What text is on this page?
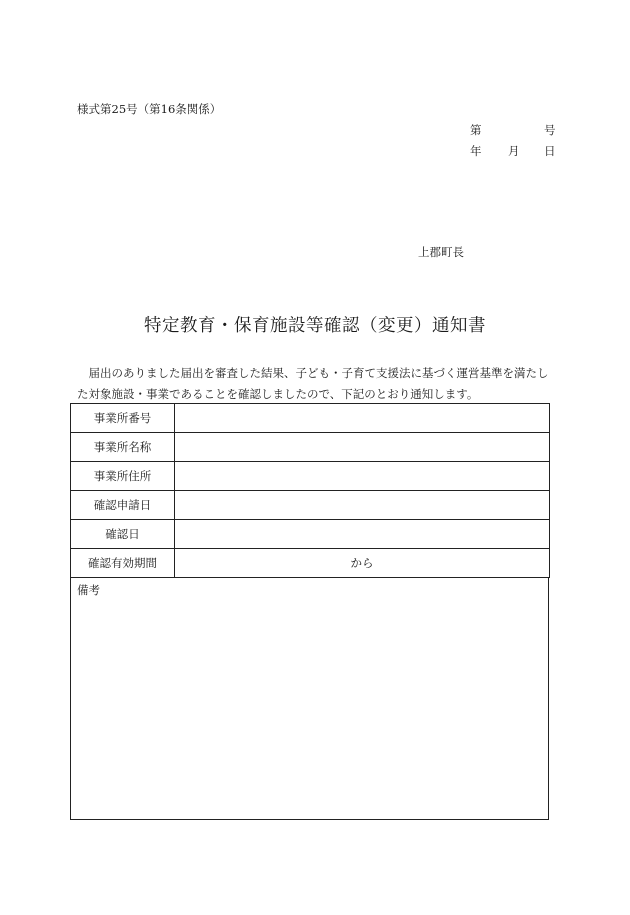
様式第25号（第16条関係）
第	号
年 月 日
上郡町長
特定教育・保育施設等確認（変更）通知書
　届出のありました届出を審査した結果、子ども・子育て支援法に基づく運営基準を満たした対象施設・事業であることを確認しましたので、下記のとおり通知します。
事業所番号	
事業所名称	
事業所住所	
確認申請日	
確認日	
確認有効期間	から
備考
